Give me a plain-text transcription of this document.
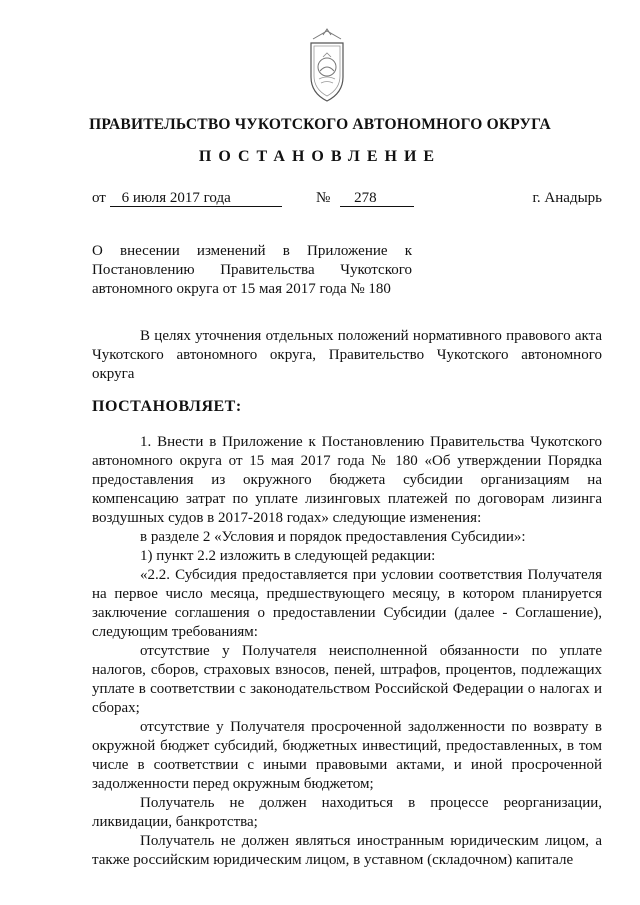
ПРАВИТЕЛЬСТВО ЧУКОТСКОГО АВТОНОМНОГО ОКРУГА
ПОСТАНОВЛЕНИЕ
от 6 июля 2017 года	№ 278	г. Анадырь
О внесении изменений в Приложение к
Постановлению Правительства Чукотского
автономного округа от 15 мая 2017 года № 180

В целях уточнения отдельных положений нормативного правового акта Чукотского автономного округа, Правительство Чукотского автономного округа

ПОСТАНОВЛЯЕТ:

1. Внести в Приложение к Постановлению Правительства Чукотского автономного округа от 15 мая 2017 года № 180 «Об утверждении Порядка предоставления из окружного бюджета субсидии организациям на компенсацию затрат по уплате лизинговых платежей по договорам лизинга воздушных судов в 2017-2018 годах» следующие изменения:

в разделе 2 «Условия и порядок предоставления Субсидии»:

1) пункт 2.2 изложить в следующей редакции:

«2.2. Субсидия предоставляется при условии соответствия Получателя на первое число месяца, предшествующего месяцу, в котором планируется заключение соглашения о предоставлении Субсидии (далее - Соглашение), следующим требованиям:

отсутствие у Получателя неисполненной обязанности по уплате налогов, сборов, страховых взносов, пеней, штрафов, процентов, подлежащих уплате в соответствии с законодательством Российской Федерации о налогах и сборах;

отсутствие у Получателя просроченной задолженности по возврату в окружной бюджет субсидий, бюджетных инвестиций, предоставленных, в том числе в соответствии с иными правовыми актами, и иной просроченной задолженности перед окружным бюджетом;

Получатель не должен находиться в процессе реорганизации, ликвидации, банкротства;

Получатель не должен являться иностранным юридическим лицом, а также российским юридическим лицом, в уставном (складочном) капитале
